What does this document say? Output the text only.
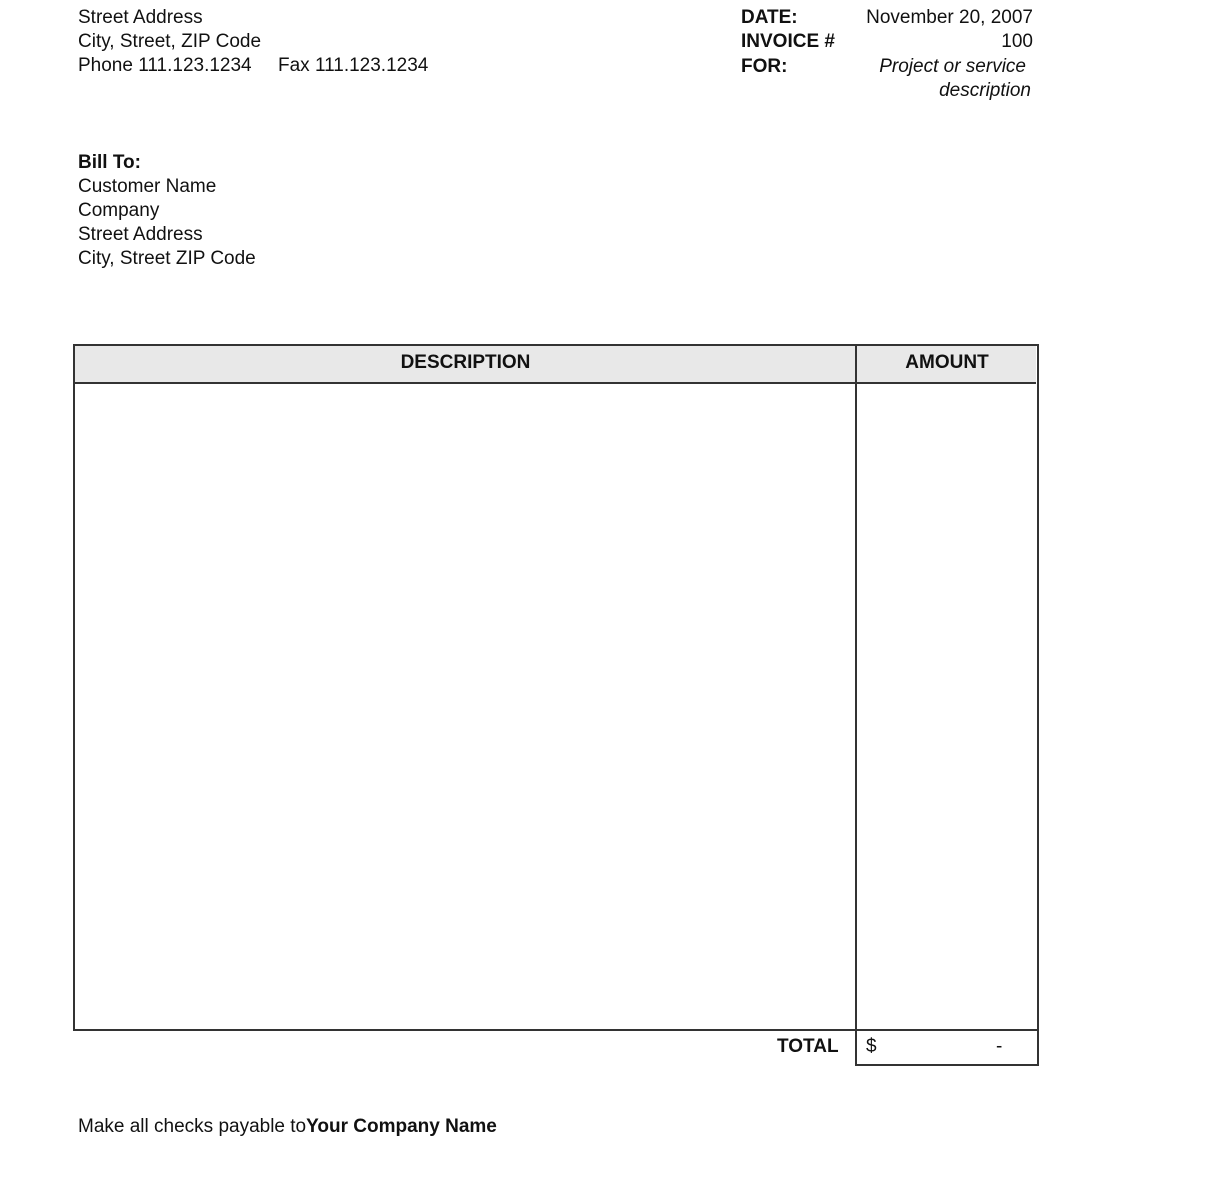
Street Address
City, Street, ZIP Code
Phone 111.123.1234 Fax 111.123.1234
DATE:	November 20, 2007
INVOICE #	100
FOR:	Project or service
description
Bill To:
Customer Name
Company
Street Address
City, Street ZIP Code
DESCRIPTION	AMOUNT
TOTAL $	-
Make all checks payable toYour Company Name
